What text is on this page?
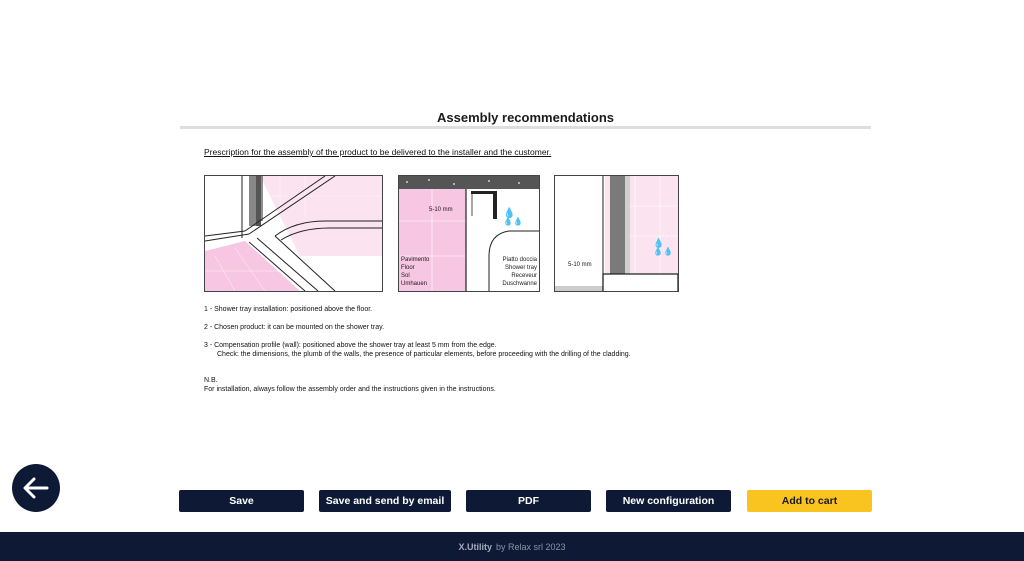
Assembly recommendations
Prescription for the assembly of the product to be delivered to the installer and the customer.
5-10 mm	💧
💧💧
Pavimento
Floor
Sol
Umhauen
Piatto doccia
Shower tray
Receveur
Duschwanne
5-10 mm
💧
💧💧
1 - Shower tray installation: positioned above the floor.
2 - Chosen product: it can be mounted on the shower tray.
3 - Compensation profile (wall): positioned above the shower tray at least 5 mm from the edge.
Check: the dimensions, the plumb of the walls, the presence of particular elements, before proceeding with the drilling of the cladding.
N.B.
For installation, always follow the assembly order and the instructions given in the instructions.
Save	Save and send by email	PDF	New configuration	Add to cart
X.Utility by Relax srl 2023
